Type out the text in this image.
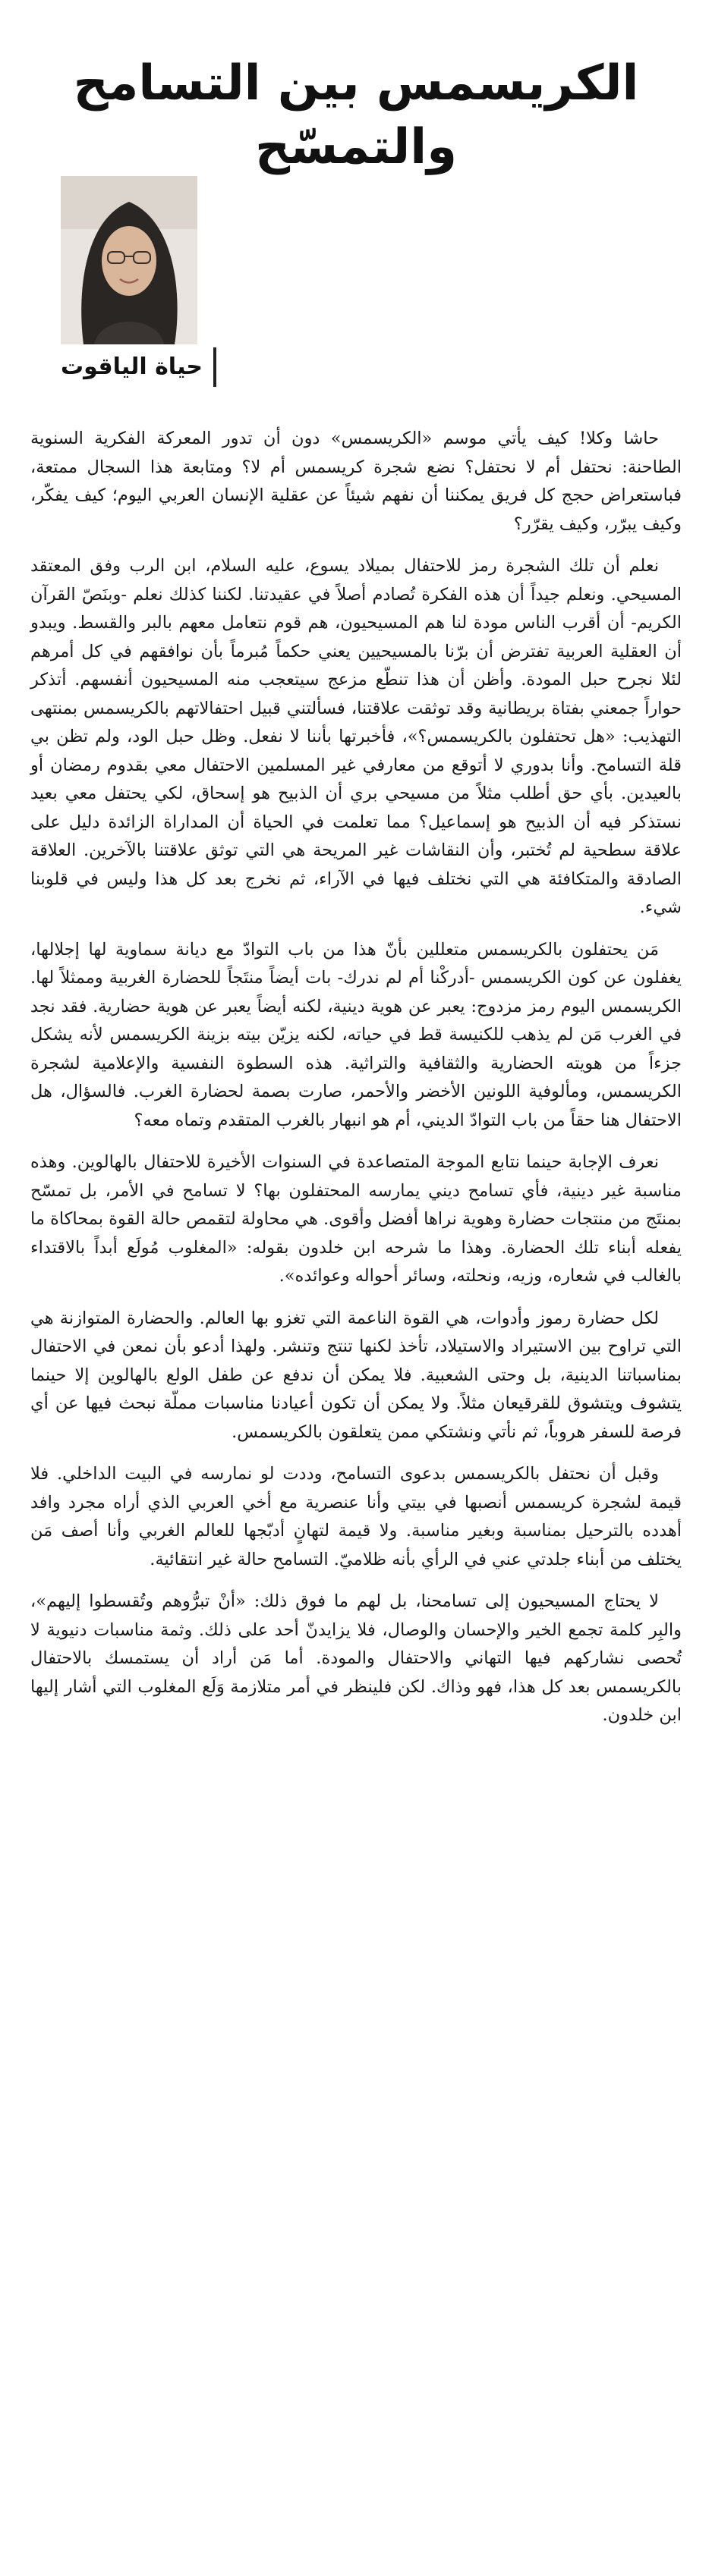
الكريسمس بين التسامح والتمسّح
حياة الياقوت

حاشا وكلا! كيف يأتي موسم «الكريسمس» دون أن تدور المعركة الفكرية السنوية الطاحنة: نحتفل أم لا نحتفل؟ نضع شجرة كريسمس أم لا؟ ومتابعة هذا السجال ممتعة، فباستعراض حجج كل فريق يمكننا أن نفهم شيئاً عن عقلية الإنسان العربي اليوم؛ كيف يفكّر، وكيف يبرّر، وكيف يقرّر؟

نعلم أن تلك الشجرة رمز للاحتفال بميلاد يسوع، عليه السلام، ابن الرب وفق المعتقد المسيحي. ونعلم جيداً أن هذه الفكرة تُصادم أصلاً في عقيدتنا. لكننا كذلك نعلم -وبنَصّ القرآن الكريم- أن أقرب الناس مودة لنا هم المسيحيون، هم قوم نتعامل معهم بالبر والقسط. ويبدو أن العقلية العربية تفترض أن برّنا بالمسيحيين يعني حكماً مُبرماً بأن نوافقهم في كل أمرهم لئلا نجرح حبل المودة. وأظن أن هذا تنطّع مزعج سيتعجب منه المسيحيون أنفسهم. أتذكر حواراً جمعني بفتاة بريطانية وقد توثقت علاقتنا، فسألتني قبيل احتفالاتهم بالكريسمس بمنتهى التهذيب: «هل تحتفلون بالكريسمس؟»، فأخبرتها بأننا لا نفعل. وظل حبل الود، ولم تظن بي قلة التسامح. وأنا بدوري لا أتوقع من معارفي غير المسلمين الاحتفال معي بقدوم رمضان أو بالعيدين. بأي حق أطلب مثلاً من مسيحي بري أن الذبيح هو إسحاق، لكي يحتفل معي بعيد نستذكر فيه أن الذبيح هو إسماعيل؟ مما تعلمت في الحياة أن المداراة الزائدة دليل على علاقة سطحية لم تُختبر، وأن النقاشات غير المريحة هي التي توثق علاقتنا بالآخرين. العلاقة الصادقة والمتكافئة هي التي نختلف فيها في الآراء، ثم نخرج بعد كل هذا وليس في قلوبنا شيء.

مَن يحتفلون بالكريسمس متعللين بأنّ هذا من باب التوادّ مع ديانة سماوية لها إجلالها، يغفلون عن كون الكريسمس -أدركْنا أم لم ندرك- بات أيضاً منتَجاً للحضارة الغربية وممثلاً لها. الكريسمس اليوم رمز مزدوج: يعبر عن هوية دينية، لكنه أيضاً يعبر عن هوية حضارية. فقد نجد في الغرب مَن لم يذهب للكنيسة قط في حياته، لكنه يزيّن بيته بزينة الكريسمس لأنه يشكل جزءاً من هويته الحضارية والثقافية والتراثية. هذه السطوة النفسية والإعلامية لشجرة الكريسمس، ومألوفية اللونين الأخضر والأحمر، صارت بصمة لحضارة الغرب. فالسؤال، هل الاحتفال هنا حقاً من باب التوادّ الديني، أم هو انبهار بالغرب المتقدم وتماه معه؟

نعرف الإجابة حينما نتابع الموجة المتصاعدة في السنوات الأخيرة للاحتفال بالهالوين. وهذه مناسبة غير دينية، فأي تسامح ديني يمارسه المحتفلون بها؟ لا تسامح في الأمر، بل تمسّح بمنتَج من منتجات حضارة وهوية نراها أفضل وأقوى. هي محاولة لتقمص حالة القوة بمحاكاة ما يفعله أبناء تلك الحضارة. وهذا ما شرحه ابن خلدون بقوله: «المغلوب مُولَع أبداً بالاقتداء بالغالب في شعاره، وزيه، ونحلته، وسائر أحواله وعوائده».

لكل حضارة رموز وأدوات، هي القوة الناعمة التي تغزو بها العالم. والحضارة المتوازنة هي التي تراوح بين الاستيراد والاستيلاد، تأخذ لكنها تنتج وتنشر. ولهذا أدعو بأن نمعن في الاحتفال بمناسباتنا الدينية، بل وحتى الشعبية. فلا يمكن أن ندفع عن طفل الولع بالهالوين إلا حينما يتشوف ويتشوق للقرقيعان مثلاً. ولا يمكن أن تكون أعيادنا مناسبات مملّة نبحث فيها عن أي فرصة للسفر هروباً، ثم نأتي ونشتكي ممن يتعلقون بالكريسمس.

وقبل أن نحتفل بالكريسمس بدعوى التسامح، وددت لو نمارسه في البيت الداخلي. فلا قيمة لشجرة كريسمس أنصبها في بيتي وأنا عنصرية مع أخي العربي الذي أراه مجرد وافد أهدده بالترحيل بمناسبة وبغير مناسبة. ولا قيمة لتهانٍ أدبّجها للعالم الغربي وأنا أصف مَن يختلف من أبناء جلدتي عني في الرأي بأنه ظلاميّ. التسامح حالة غير انتقائية.

لا يحتاج المسيحيون إلى تسامحنا، بل لهم ما فوق ذلك: «أنْ تبرُّوهم وتُقسطوا إليهم»، والبِر كلمة تجمع الخير والإحسان والوصال، فلا يزايدنّ أحد على ذلك. وثمة مناسبات دنيوية لا تُحصى نشاركهم فيها التهاني والاحتفال والمودة. أما مَن أراد أن يستمسك بالاحتفال بالكريسمس بعد كل هذا، فهو وذاك. لكن فلينظر في أمر متلازمة وَلَع المغلوب التي أشار إليها ابن خلدون.
